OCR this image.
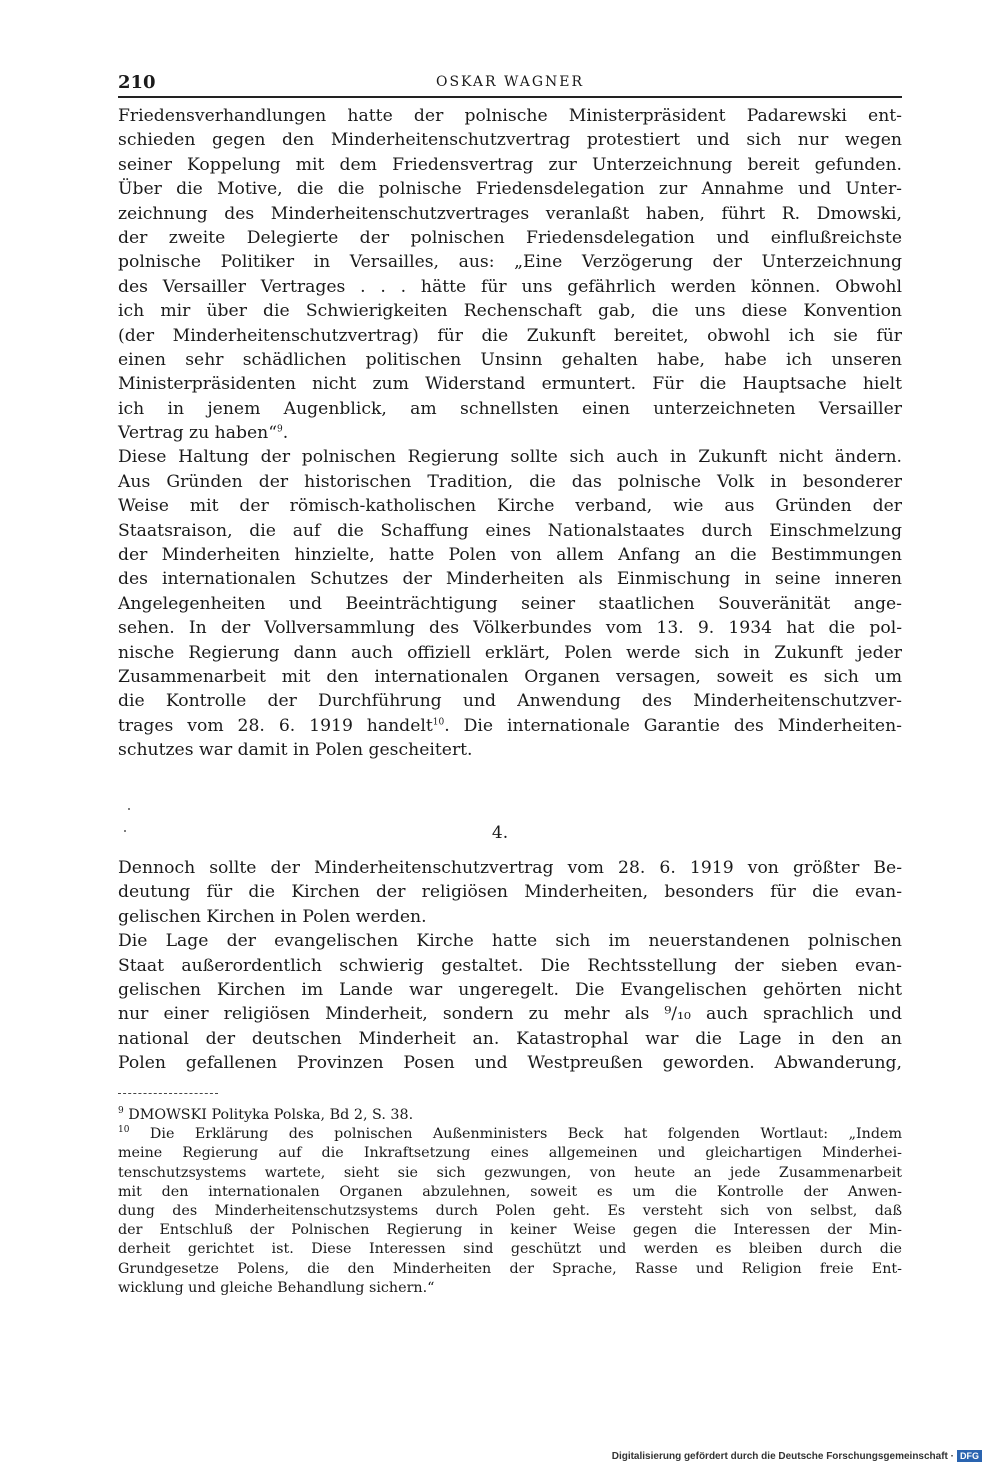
210	OSKAR WAGNER
Friedensverhandlungen hatte der polnische Ministerpräsident Padarewski ent-
schieden gegen den Minderheitenschutzvertrag protestiert und sich nur wegen
seiner Koppelung mit dem Friedensvertrag zur Unterzeichnung bereit gefunden.
Über die Motive, die die polnische Friedensdelegation zur Annahme und Unter-
zeichnung des Minderheitenschutzvertrages veranlaßt haben, führt R. Dmowski,
der zweite Delegierte der polnischen Friedensdelegation und einflußreichste
polnische Politiker in Versailles, aus: „Eine Verzögerung der Unterzeichnung
des Versailler Vertrages . . . hätte für uns gefährlich werden können. Obwohl
ich mir über die Schwierigkeiten Rechenschaft gab, die uns diese Konvention
(der Minderheitenschutzvertrag) für die Zukunft bereitet, obwohl ich sie für
einen sehr schädlichen politischen Unsinn gehalten habe, habe ich unseren
Ministerpräsidenten nicht zum Widerstand ermuntert. Für die Hauptsache hielt
ich in jenem Augenblick, am schnellsten einen unterzeichneten Versailler
Vertrag zu haben“$^9$.
Diese Haltung der polnischen Regierung sollte sich auch in Zukunft nicht ändern.
Aus Gründen der historischen Tradition, die das polnische Volk in besonderer
Weise mit der römisch-katholischen Kirche verband, wie aus Gründen der
Staatsraison, die auf die Schaffung eines Nationalstaates durch Einschmelzung
der Minderheiten hinzielte, hatte Polen von allem Anfang an die Bestimmungen
des internationalen Schutzes der Minderheiten als Einmischung in seine inneren
Angelegenheiten und Beeinträchtigung seiner staatlichen Souveränität ange-
sehen. In der Vollversammlung des Völkerbundes vom 13. 9. 1934 hat die pol-
nische Regierung dann auch offiziell erklärt, Polen werde sich in Zukunft jeder
Zusammenarbeit mit den internationalen Organen versagen, soweit es sich um
die Kontrolle der Durchführung und Anwendung des Minderheitenschutzver-
trages vom 28. 6. 1919 handelt$^{10}$. Die internationale Garantie des Minderheiten-
schutzes war damit in Polen gescheitert.
4.
Dennoch sollte der Minderheitenschutzvertrag vom 28. 6. 1919 von größter Be-
deutung für die Kirchen der religiösen Minderheiten, besonders für die evan-
gelischen Kirchen in Polen werden.
Die Lage der evangelischen Kirche hatte sich im neuerstandenen polnischen
Staat außerordentlich schwierig gestaltet. Die Rechtsstellung der sieben evan-
gelischen Kirchen im Lande war ungeregelt. Die Evangelischen gehörten nicht
nur einer religiösen Minderheit, sondern zu mehr als ⁹/₁₀ auch sprachlich und
national der deutschen Minderheit an. Katastrophal war die Lage in den an
Polen gefallenen Provinzen Posen und Westpreußen geworden. Abwanderung,
$^9$ DMOWSKI Polityka Polska, Bd 2, S. 38.
$^{10}$ Die Erklärung des polnischen Außenministers Beck hat folgenden Wortlaut: „Indem
meine Regierung auf die Inkraftsetzung eines allgemeinen und gleichartigen Minderhei-
tenschutzsystems wartete, sieht sie sich gezwungen, von heute an jede Zusammenarbeit
mit den internationalen Organen abzulehnen, soweit es um die Kontrolle der Anwen-
dung des Minderheitenschutzsystems durch Polen geht. Es versteht sich von selbst, daß
der Entschluß der Polnischen Regierung in keiner Weise gegen die Interessen der Min-
derheit gerichtet ist. Diese Interessen sind geschützt und werden es bleiben durch die
Grundgesetze Polens, die den Minderheiten der Sprache, Rasse und Religion freie Ent-
wicklung und gleiche Behandlung sichern.“
Digitalisierung gefördert durch die Deutsche Forschungsgemeinschaft · DFG
